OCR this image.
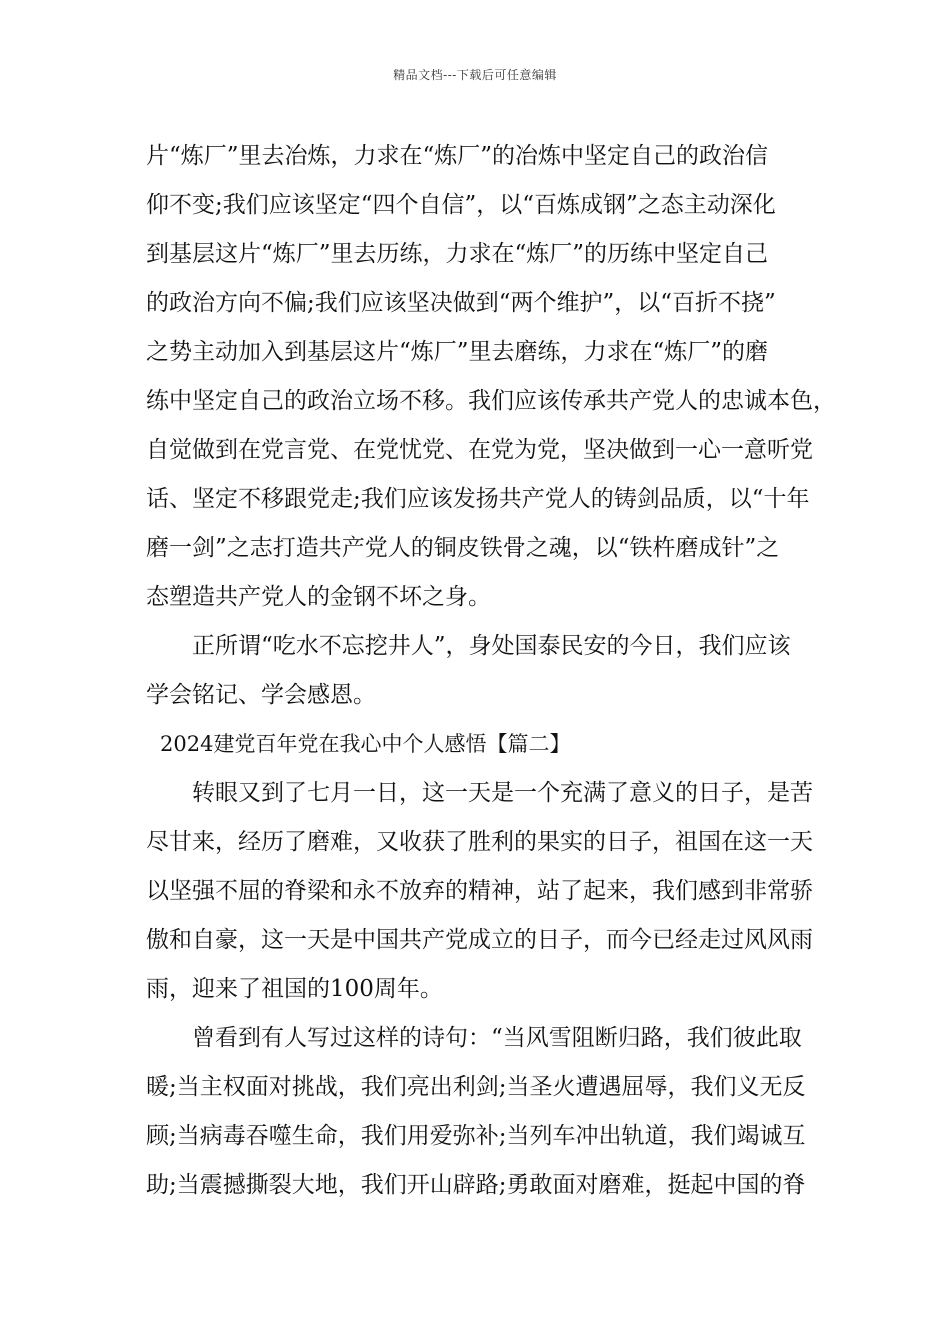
精品文档---下载后可任意编辑
片“炼厂”里去冶炼，力求在“炼厂”的冶炼中坚定自己的政治信
仰不变;我们应该坚定“四个自信”，以“百炼成钢”之态主动深化
到基层这片“炼厂”里去历练，力求在“炼厂”的历练中坚定自己
的政治方向不偏;我们应该坚决做到“两个维护”，以“百折不挠”
之势主动加入到基层这片“炼厂”里去磨练，力求在“炼厂”的磨
练中坚定自己的政治立场不移。我们应该传承共产党人的忠诚本色，
自觉做到在党言党、在党忧党、在党为党，坚决做到一心一意听党
话、坚定不移跟党走;我们应该发扬共产党人的铸剑品质，以“十年
磨一剑”之志打造共产党人的铜皮铁骨之魂，以“铁杵磨成针”之
态塑造共产党人的金钢不坏之身。
正所谓“吃水不忘挖井人”，身处国泰民安的今日，我们应该
学会铭记、学会感恩。
2024建党百年党在我心中个人感悟【篇二】
转眼又到了七月一日，这一天是一个充满了意义的日子，是苦
尽甘来，经历了磨难，又收获了胜利的果实的日子，祖国在这一天
以坚强不屈的脊梁和永不放弃的精神，站了起来，我们感到非常骄
傲和自豪，这一天是中国共产党成立的日子，而今已经走过风风雨
雨，迎来了祖国的100周年。
曾看到有人写过这样的诗句：“当风雪阻断归路，我们彼此取
暖;当主权面对挑战，我们亮出利剑;当圣火遭遇屈辱，我们义无反
顾;当病毒吞噬生命，我们用爱弥补;当列车冲出轨道，我们竭诚互
助;当震撼撕裂大地，我们开山辟路;勇敢面对磨难，挺起中国的脊
